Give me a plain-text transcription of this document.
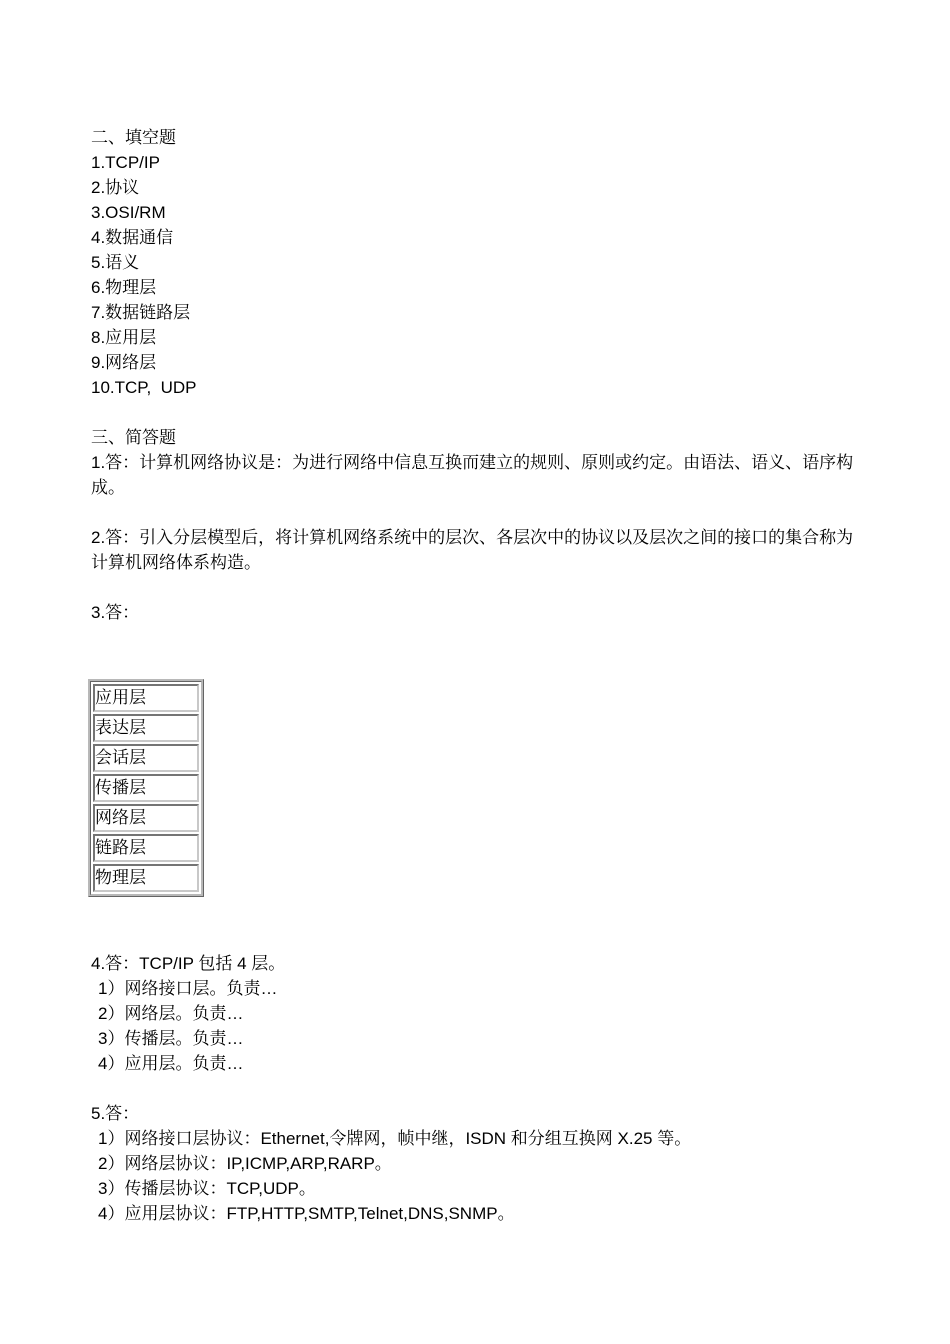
二、填空题
1.TCP/IP
2.协议
3.OSI/RM
4.数据通信
5.语义
6.物理层
7.数据链路层
8.应用层
9.网络层
10.TCP,  UDP
三、简答题
1.答：计算机网络协议是：为进行网络中信息互换而建立的规则、原则或约定。由语法、语义、语序构成。
2.答：引入分层模型后，将计算机网络系统中的层次、各层次中的协议以及层次之间的接口的集合称为计算机网络体系构造。
3.答：
应用层
表达层
会话层
传播层
网络层
链路层
物理层
4.答：TCP/IP 包括 4 层。
1）网络接口层。负责…
2）网络层。负责…
3）传播层。负责…
4）应用层。负责…
5.答：
1）网络接口层协议：Ethernet,令牌网，帧中继，ISDN 和分组互换网 X.25 等。
2）网络层协议：IP,ICMP,ARP,RARP。
3）传播层协议：TCP,UDP。
4）应用层协议：FTP,HTTP,SMTP,Telnet,DNS,SNMP。
